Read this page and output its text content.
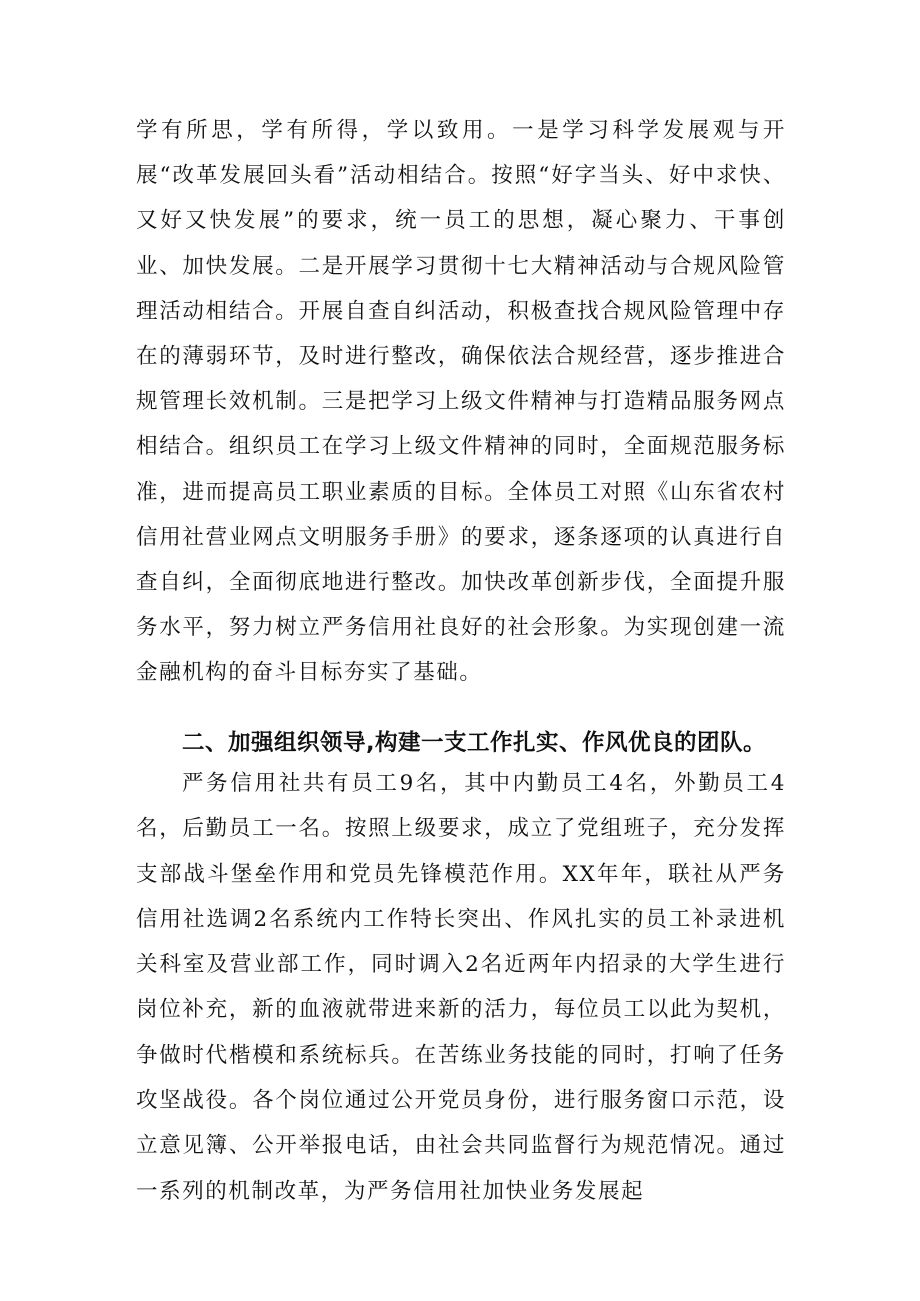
学有所思，学有所得，学以致用。一是学习科学发展观与开展“改革发展回头看”活动相结合。按照“好字当头、好中求快、又好又快发展”的要求，统一员工的思想，凝心聚力、干事创业、加快发展。二是开展学习贯彻十七大精神活动与合规风险管理活动相结合。开展自查自纠活动，积极查找合规风险管理中存在的薄弱环节，及时进行整改，确保依法合规经营，逐步推进合规管理长效机制。三是把学习上级文件精神与打造精品服务网点相结合。组织员工在学习上级文件精神的同时，全面规范服务标准，进而提高员工职业素质的目标。全体员工对照《山东省农村信用社营业网点文明服务手册》的要求，逐条逐项的认真进行自查自纠，全面彻底地进行整改。加快改革创新步伐，全面提升服务水平，努力树立严务信用社良好的社会形象。为实现创建一流金融机构的奋斗目标夯实了基础。

二、加强组织领导,构建一支工作扎实、作风优良的团队。

严务信用社共有员工9名，其中内勤员工4名，外勤员工4名，后勤员工一名。按照上级要求，成立了党组班子，充分发挥支部战斗堡垒作用和党员先锋模范作用。XX年年，联社从严务信用社选调2名系统内工作特长突出、作风扎实的员工补录进机关科室及营业部工作，同时调入2名近两年内招录的大学生进行岗位补充，新的血液就带进来新的活力，每位员工以此为契机，争做时代楷模和系统标兵。在苦练业务技能的同时，打响了任务攻坚战役。各个岗位通过公开党员身份，进行服务窗口示范，设立意见簿、公开举报电话，由社会共同监督行为规范情况。通过一系列的机制改革，为严务信用社加快业务发展起
